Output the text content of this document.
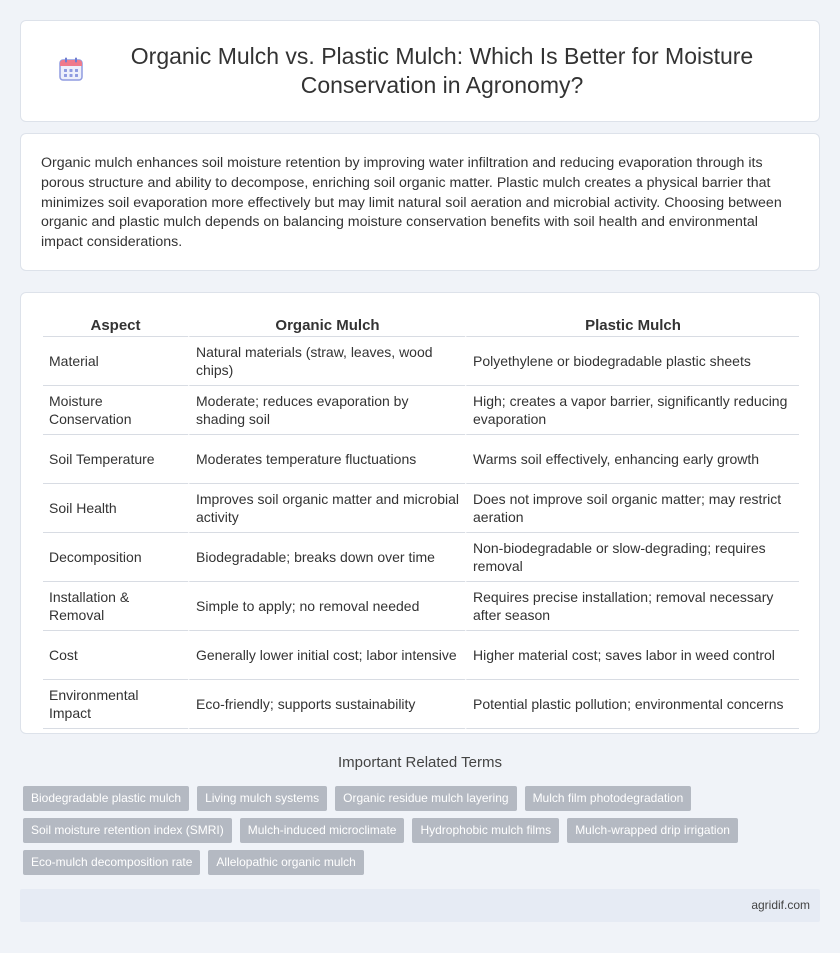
Organic Mulch vs. Plastic Mulch: Which Is Better for Moisture Conservation in Agronomy?

Organic mulch enhances soil moisture retention by improving water infiltration and reducing evaporation through its porous structure and ability to decompose, enriching soil organic matter. Plastic mulch creates a physical barrier that minimizes soil evaporation more effectively but may limit natural soil aeration and microbial activity. Choosing between organic and plastic mulch depends on balancing moisture conservation benefits with soil health and environmental impact considerations.

Aspect	Organic Mulch	Plastic Mulch
Material	Natural materials (straw, leaves, wood chips)	Polyethylene or biodegradable plastic sheets
Moisture Conservation	Moderate; reduces evaporation by shading soil	High; creates a vapor barrier, significantly reducing evaporation
Soil Temperature	Moderates temperature fluctuations	Warms soil effectively, enhancing early growth
Soil Health	Improves soil organic matter and microbial activity	Does not improve soil organic matter; may restrict aeration
Decomposition	Biodegradable; breaks down over time	Non-biodegradable or slow-degrading; requires removal
Installation & Removal	Simple to apply; no removal needed	Requires precise installation; removal necessary after season
Cost	Generally lower initial cost; labor intensive	Higher material cost; saves labor in weed control
Environmental Impact	Eco-friendly; supports sustainability	Potential plastic pollution; environmental concerns
Important Related Terms
Biodegradable plastic mulch	Living mulch systems	Organic residue mulch layering	Mulch film photodegradation
Soil moisture retention index (SMRI)	Mulch-induced microclimate	Hydrophobic mulch films	Mulch-wrapped drip irrigation
Eco-mulch decomposition rate	Allelopathic organic mulch
agridif.com
